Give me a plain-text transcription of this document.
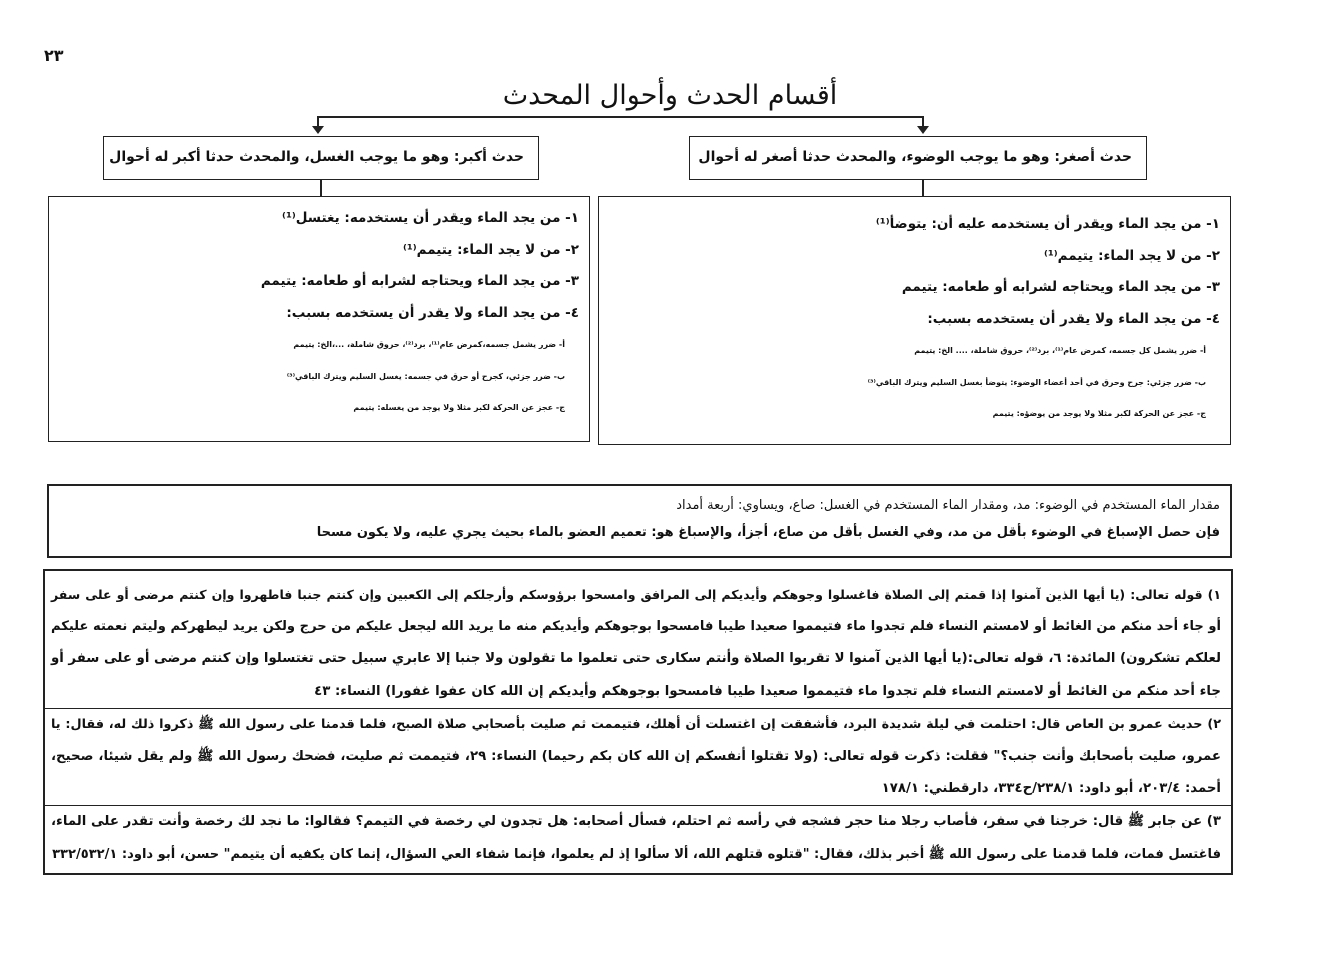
٢٣
أقسام الحدث وأحوال المحدث
حدث أصغر: وهو ما يوجب الوضوء، والمحدث حدثا أصغر له أحوال
حدث أكبر: وهو ما يوجب الغسل، والمحدث حدثا أكبر له أحوال
١- من يجد الماء ويقدر أن يستخدمه عليه أن: يتوضأ⁽¹⁾
٢- من لا يجد الماء: يتيمم⁽¹⁾
٣- من يجد الماء ويحتاجه لشرابه أو طعامه: يتيمم
٤- من يجد الماء ولا يقدر أن يستخدمه بسبب:
أ- ضرر يشمل كل جسمه، كمرض عام⁽¹⁾، برد⁽²⁾، حروق شاملة، .... الخ: يتيمم
ب- ضرر جزئي: جرح وحرق في أحد أعضاء الوضوء: يتوضأ بغسل السليم ويترك الباقي⁽³⁾
ج- عجز عن الحركة لكبر مثلا ولا يوجد من يوضؤه: يتيمم
١- من يجد الماء ويقدر أن يستخدمه: يغتسل⁽¹⁾
٢- من لا يجد الماء: يتيمم⁽¹⁾
٣- من يجد الماء ويحتاجه لشرابه أو طعامه: يتيمم
٤- من يجد الماء ولا يقدر أن يستخدمه بسبب:
أ- ضرر يشمل جسمه،كمرض عام⁽¹⁾، برد⁽²⁾، حروق شاملة، ...،الخ: يتيمم
ب- ضرر جزئي، كجرح أو حرق في جسمه: يغسل السليم ويترك الباقي⁽³⁾
ج- عجز عن الحركة لكبر مثلا ولا يوجد من يغسله: يتيمم
مقدار الماء المستخدم في الوضوء: مد، ومقدار الماء المستخدم في الغسل: صاع، ويساوي: أربعة أمداد
فإن حصل الإسباغ في الوضوء بأقل من مد، وفي الغسل بأقل من صاع، أجزأ، والإسباغ هو: تعميم العضو بالماء بحيث يجري عليه، ولا يكون مسحا
١) قوله تعالى: (يا أيها الذين آمنوا إذا قمتم إلى الصلاة فاغسلوا وجوهكم وأيديكم إلى المرافق وامسحوا برؤوسكم وأرجلكم إلى الكعبين وإن كنتم جنبا فاطهروا وإن كنتم مرضى أو على سفر
أو جاء أحد منكم من الغائط أو لامستم النساء فلم تجدوا ماء فتيمموا صعيدا طيبا فامسحوا بوجوهكم وأيديكم منه ما يريد الله ليجعل عليكم من حرج ولكن يريد ليطهركم وليتم نعمته عليكم
لعلكم تشكرون) المائدة: ٦، قوله تعالى:(يا أيها الذين آمنوا لا تقربوا الصلاة وأنتم سكارى حتى تعلموا ما تقولون ولا جنبا إلا عابري سبيل حتى تغتسلوا وإن كنتم مرضى أو على سفر أو
جاء أحد منكم من الغائط أو لامستم النساء فلم تجدوا ماء فتيمموا صعيدا طيبا فامسحوا بوجوهكم وأيديكم إن الله كان عفوا غفورا) النساء: ٤٣
٢) حديث عمرو بن العاص قال: احتلمت في ليلة شديدة البرد، فأشفقت إن اغتسلت أن أهلك، فتيممت ثم صليت بأصحابي صلاة الصبح، فلما قدمنا على رسول الله ﷺ ذكروا ذلك له، فقال: يا
عمرو، صليت بأصحابك وأنت جنب؟" فقلت: ذكرت قوله تعالى: (ولا تقتلوا أنفسكم إن الله كان بكم رحيما) النساء: ٢٩، فتيممت ثم صليت، فضحك رسول الله ﷺ ولم يقل شيئا، صحيح،
أحمد: ٢٠٣/٤، أبو داود: ٢٣٨/١/ح٣٣٤، دارقطني: ١٧٨/١
٣) عن جابر ﷺ قال: خرجنا في سفر، فأصاب رجلا منا حجر فشجه في رأسه ثم احتلم، فسأل أصحابه: هل تجدون لي رخصة في التيمم؟ فقالوا: ما نجد لك رخصة وأنت تقدر على الماء،
فاغتسل فمات، فلما قدمنا على رسول الله ﷺ أخبر بذلك، فقال: "قتلوه قتلهم الله، ألا سألوا إذ لم يعلموا، فإنما شفاء العي السؤال، إنما كان يكفيه أن يتيمم" حسن، أبو داود: ٣٣٢/٥٣٢/١
